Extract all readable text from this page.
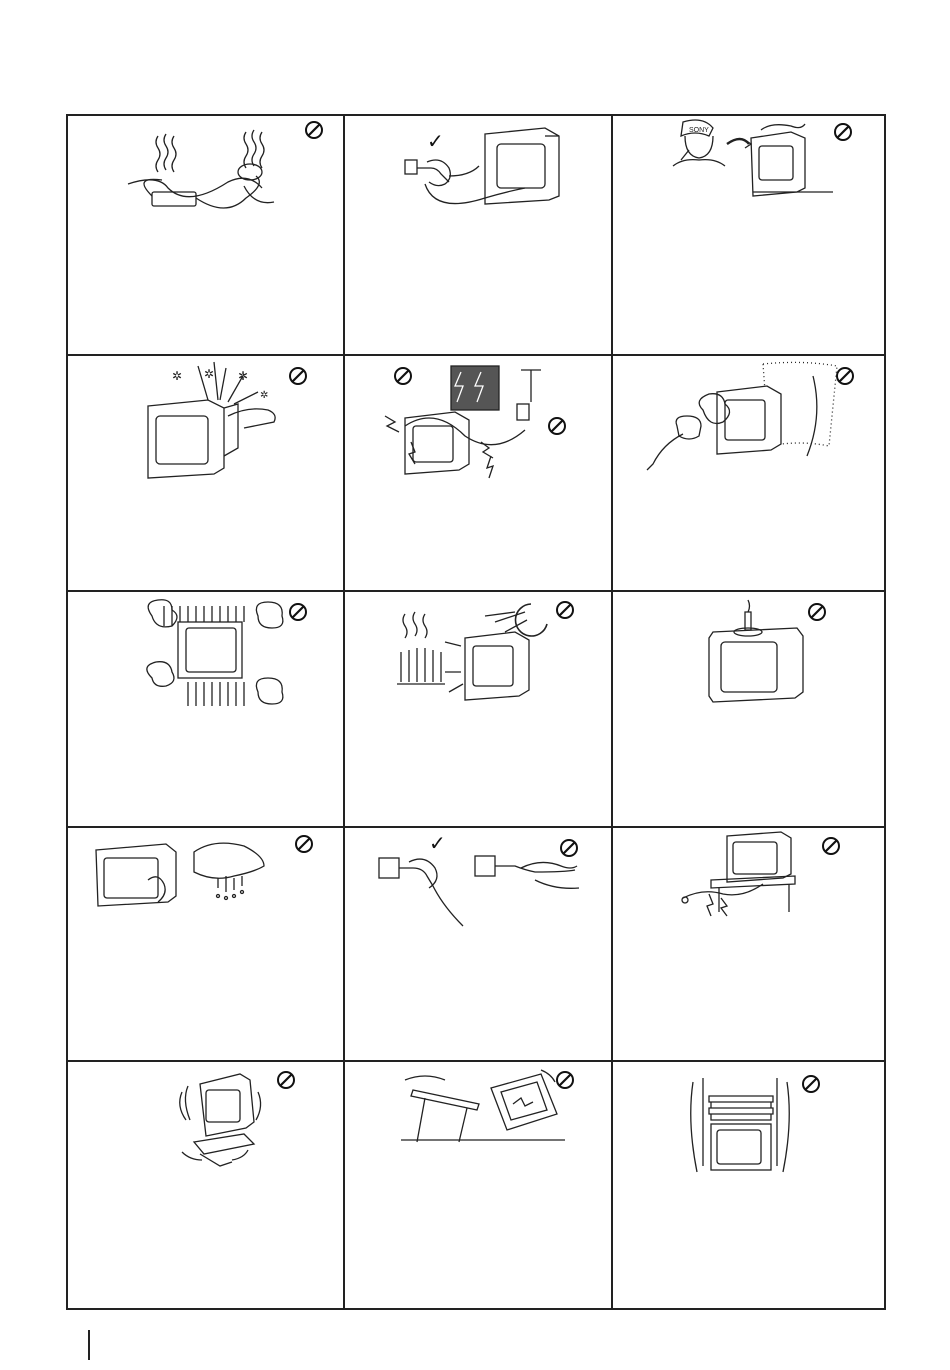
✓
SONY
✲ ✲ ✲
✲
✓
